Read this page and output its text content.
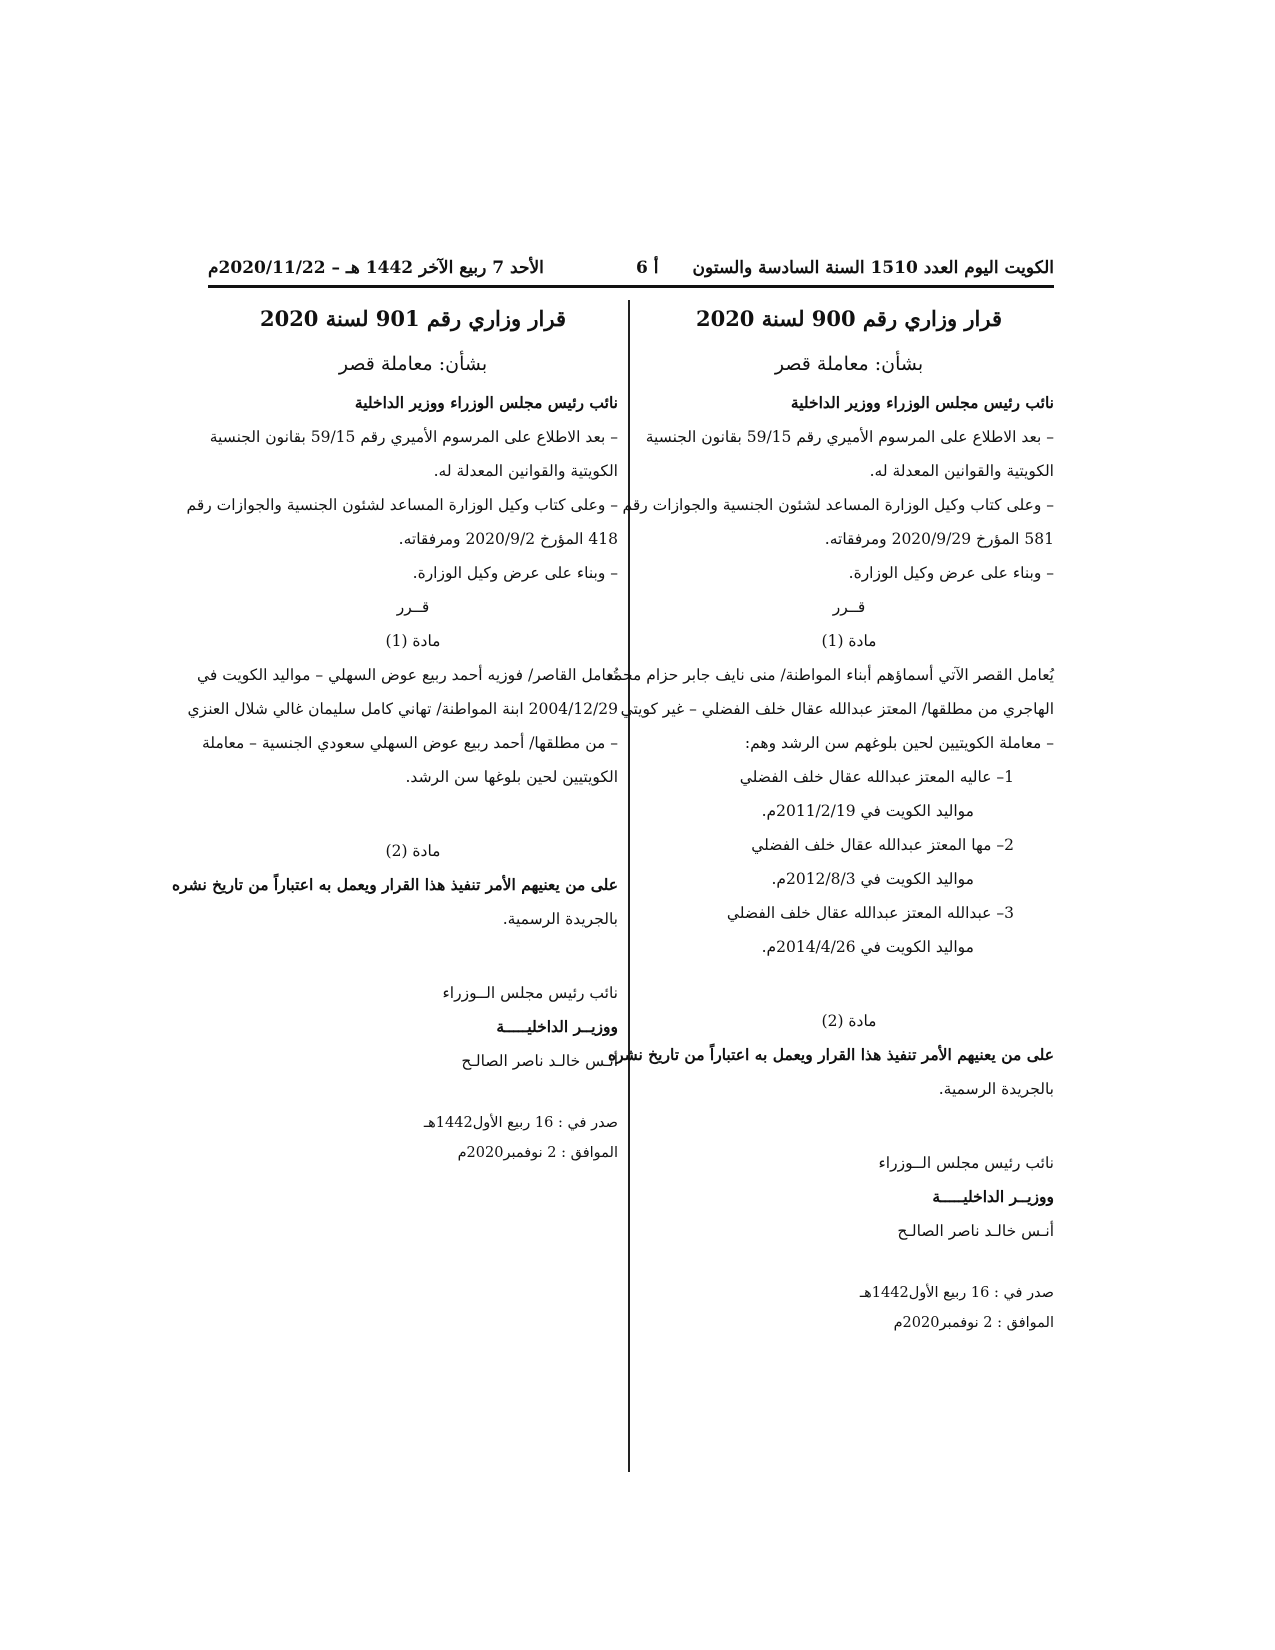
الكويت اليوم العدد 1510 السنة السادسة والستون
أ 6
الأحد 7 ربيع الآخر 1442 هـ – 2020/11/22م
قرار وزاري رقم 900 لسنة 2020
بشأن: معاملة قصر
نائب رئيس مجلس الوزراء ووزير الداخلية
– بعد الاطلاع على المرسوم الأميري رقم 59/15 بقانون الجنسية
الكويتية والقوانين المعدلة له.
– وعلى كتاب وكيل الوزارة المساعد لشئون الجنسية والجوازات رقم
581 المؤرخ 2020/9/29 ومرفقاته.
– وبناء على عرض وكيل الوزارة.
قــرر
مادة (1)
يُعامل القصر الآتي أسماؤهم أبناء المواطنة/ منى نايف جابر حزام محمد
الهاجري من مطلقها/ المعتز عبدالله عقال خلف الفضلي – غير كويتي
– معاملة الكويتيين لحين بلوغهم سن الرشد وهم:
1– عاليه المعتز عبدالله عقال خلف الفضلي
مواليد الكويت في 2011/2/19م.
2– مها المعتز عبدالله عقال خلف الفضلي
مواليد الكويت في 2012/8/3م.
3– عبدالله المعتز عبدالله عقال خلف الفضلي
مواليد الكويت في 2014/4/26م.
مادة (2)
على من يعنيهم الأمر تنفيذ هذا القرار ويعمل به اعتباراً من تاريخ نشره
بالجريدة الرسمية.
نائب رئيس مجلس الــوزراء
ووزيــر الداخليـــــة
أنـس خالـد ناصر الصالـح
صدر في : 16 ربيع الأول1442هـ
الموافق : 2 نوفمبر2020م
قرار وزاري رقم 901 لسنة 2020
بشأن: معاملة قصر
نائب رئيس مجلس الوزراء ووزير الداخلية
– بعد الاطلاع على المرسوم الأميري رقم 59/15 بقانون الجنسية
الكويتية والقوانين المعدلة له.
– وعلى كتاب وكيل الوزارة المساعد لشئون الجنسية والجوازات رقم
418 المؤرخ 2020/9/2 ومرفقاته.
– وبناء على عرض وكيل الوزارة.
قــرر
مادة (1)
تُعامل القاصر/ فوزيه أحمد ربيع عوض السهلي – مواليد الكويت في
2004/12/29 ابنة المواطنة/ تهاني كامل سليمان غالي شلال العنزي
– من مطلقها/ أحمد ربيع عوض السهلي سعودي الجنسية – معاملة
الكويتيين لحين بلوغها سن الرشد.
مادة (2)
على من يعنيهم الأمر تنفيذ هذا القرار ويعمل به اعتباراً من تاريخ نشره
بالجريدة الرسمية.
نائب رئيس مجلس الــوزراء
ووزيــر الداخليـــــة
أنـس خالـد ناصر الصالـح
صدر في : 16 ربيع الأول1442هـ
الموافق : 2 نوفمبر2020م
